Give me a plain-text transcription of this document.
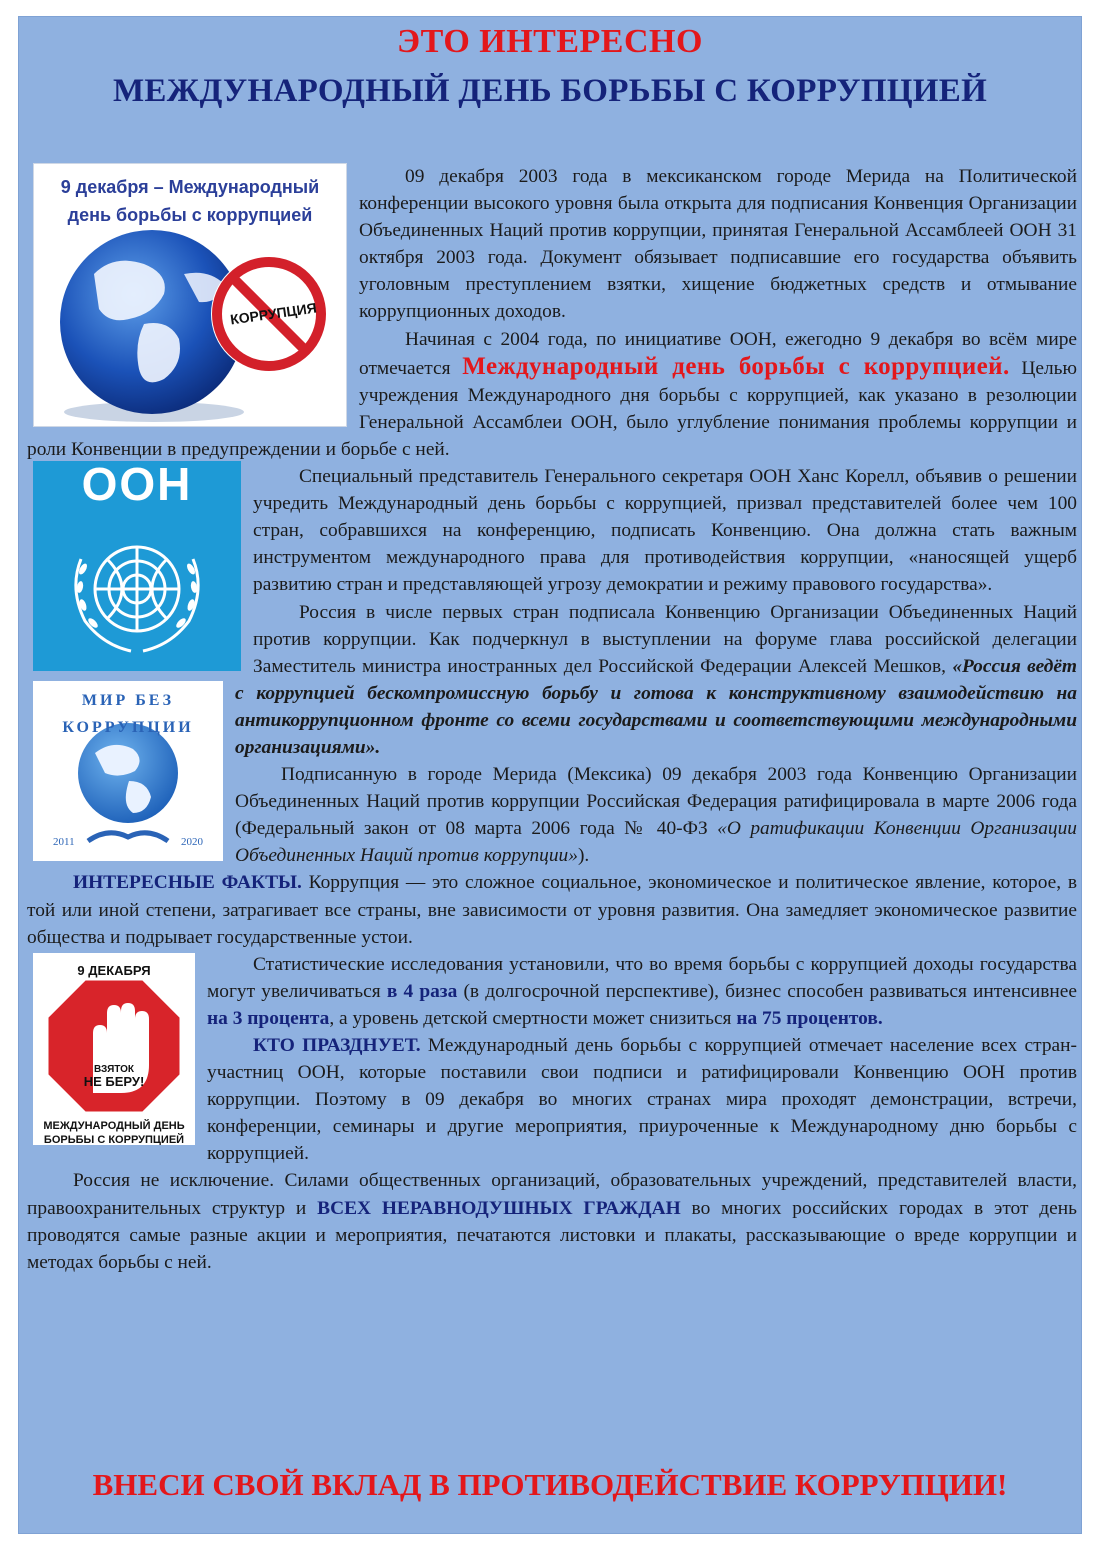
ЭТО ИНТЕРЕСНО
МЕЖДУНАРОДНЫЙ ДЕНЬ БОРЬБЫ С КОРРУПЦИЕЙ
9 декабря – Международный
день борьбы с коррупцией
КОРРУПЦИЯ

09 декабря 2003 года в мексиканском городе Мерида на Политической конференции высокого уровня была открыта для подписания Конвенция Организации Объединенных Наций против коррупции, принятая Генеральной Ассамблеей ООН 31 октября 2003 года. Документ обязывает подписавшие его государства объявить уголовным преступлением взятки, хищение бюджетных средств и отмывание коррупционных доходов.

Начиная с 2004 года, по инициативе ООН, ежегодно 9 декабря во всём мире отмечается Международный день борьбы с коррупцией. Целью учреждения Международного дня борьбы с коррупцией, как указано в резолюции Генеральной Ассамблеи ООН, было углубление понимания проблемы коррупции и роли Конвенции в предупреждении и борьбе с ней.

ООН	Специальный представитель Генерального секретаря ООН Ханс Корелл, объявив о решении учредить Международный день борьбы с коррупцией, призвал представителей более чем 100 стран, собравшихся на конференцию, подписать Конвенцию. Она должна стать важным инструментом международного права для противодействия коррупции, «наносящей ущерб развитию стран и представляющей угрозу демократии и режиму правового государства».

МИР БЕЗ КОРРУПЦИИ
2011	2020

Россия в числе первых стран подписала Конвенцию Организации Объединенных Наций против коррупции. Как подчеркнул в выступлении на форуме глава российской делегации Заместитель министра иностранных дел Российской Федерации Алексей Мешков, «Россия ведёт с коррупцией бескомпромиссную борьбу и готова к конструктивному взаимодействию на антикоррупционном фронте со всеми государствами и соответствующими международными организациями».

Подписанную в городе Мерида (Мексика) 09 декабря 2003 года Конвенцию Организации Объединенных Наций против коррупции Российская Федерация ратифицировала в марте 2006 года (Федеральный закон от 08 марта 2006 года № 40-ФЗ «О ратификации Конвенции Организации Объединенных Наций против коррупции»).

ИНТЕРЕСНЫЕ ФАКТЫ. Коррупция — это сложное социальное, экономическое и политическое явление, которое, в той или иной степени, затрагивает все страны, вне зависимости от уровня развития. Она замедляет экономическое развитие общества и подрывает государственные устои.

9 ДЕКАБРЯ
ВЗЯТОК
НЕ БЕРУ!
МЕЖДУНАРОДНЫЙ ДЕНЬ
БОРЬБЫ С КОРРУПЦИЕЙ

Статистические исследования установили, что во время борьбы с коррупцией доходы государства могут увеличиваться в 4 раза (в долгосрочной перспективе), бизнес способен развиваться интенсивнее на 3 процента, а уровень детской смертности может снизиться на 75 процентов.

КТО ПРАЗДНУЕТ. Международный день борьбы с коррупцией отмечает население всех стран-участниц ООН, которые поставили свои подписи и ратифицировали Конвенцию ООН против коррупции. Поэтому в 09 декабря во многих странах мира проходят демонстрации, встречи, конференции, семинары и другие мероприятия, приуроченные к Международному дню борьбы с коррупцией.

Россия не исключение. Силами общественных организаций, образовательных учреждений, представителей власти, правоохранительных структур и ВСЕХ НЕРАВНОДУШНЫХ ГРАЖДАН во многих российских городах в этот день проводятся самые разные акции и мероприятия, печатаются листовки и плакаты, рассказывающие о вреде коррупции и методах борьбы с ней.

ВНЕСИ СВОЙ ВКЛАД В ПРОТИВОДЕЙСТВИЕ КОРРУПЦИИ!
